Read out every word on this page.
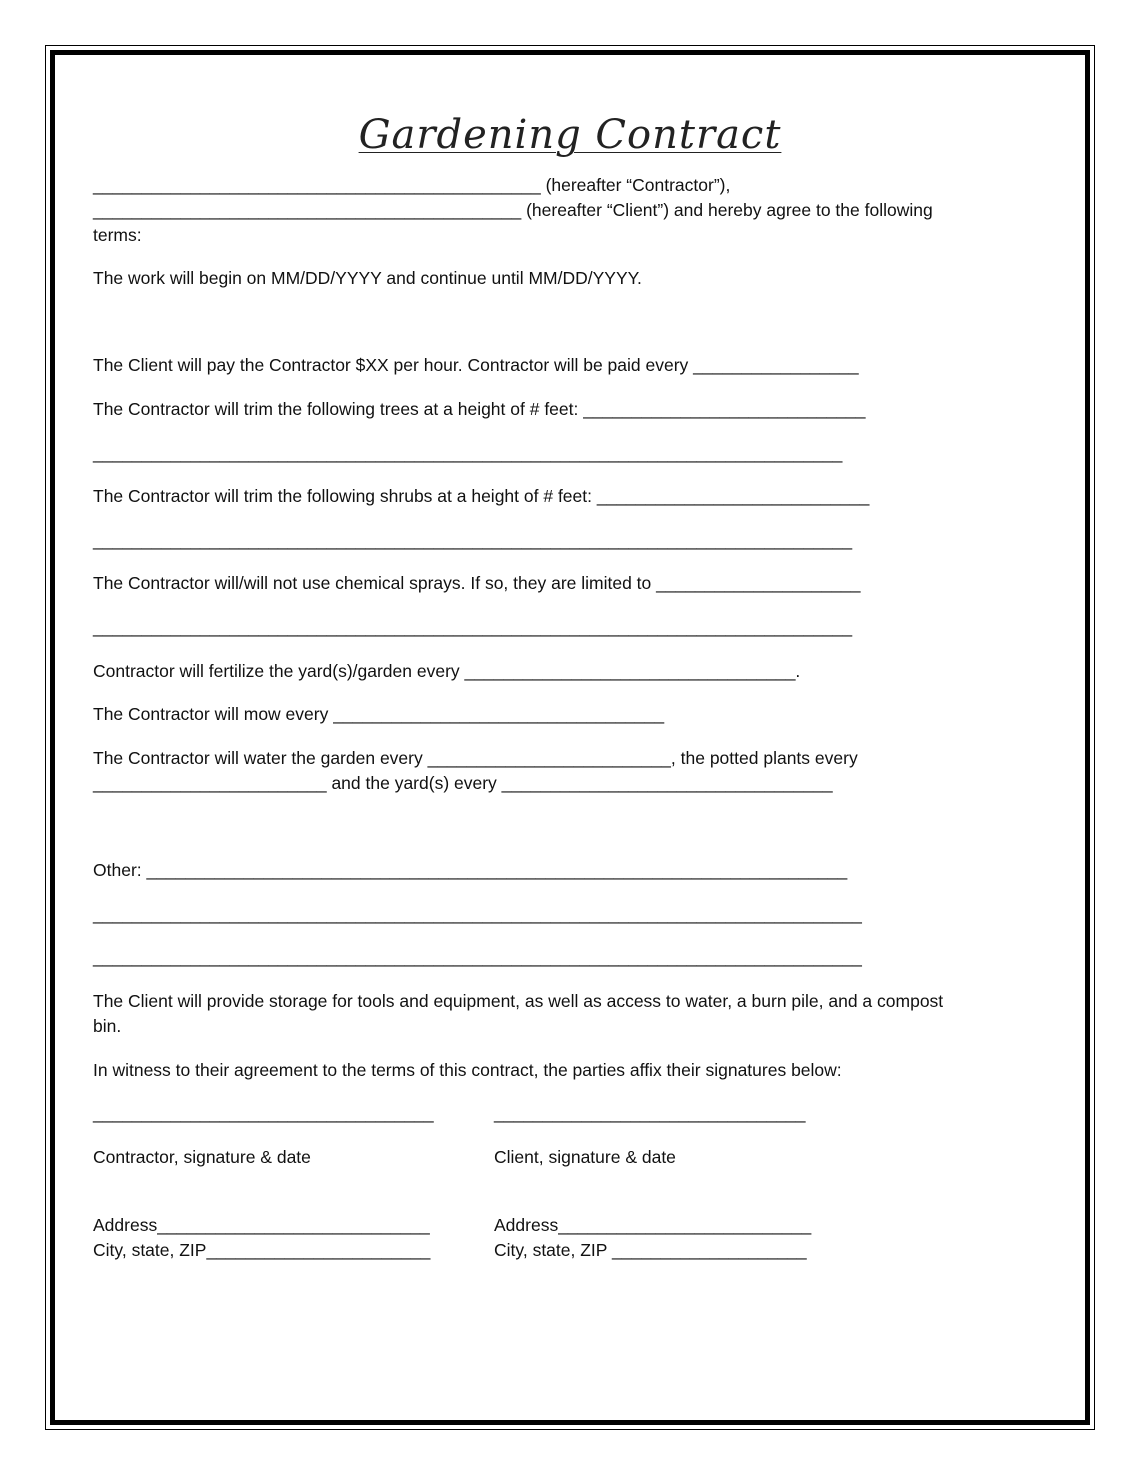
Gardening Contract
______________________________________________ (hereafter “Contractor”),
____________________________________________ (hereafter “Client”) and hereby agree to the following
terms:
The work will begin on MM/DD/YYYY and continue until MM/DD/YYYY.
The Client will pay the Contractor $XX per hour. Contractor will be paid every _________________
The Contractor will trim the following trees at a height of # feet: _____________________________
_____________________________________________________________________________
The Contractor will trim the following shrubs at a height of # feet: ____________________________
______________________________________________________________________________
The Contractor will/will not use chemical sprays. If so, they are limited to _____________________
______________________________________________________________________________
Contractor will fertilize the yard(s)/garden every __________________________________.
The Contractor will mow every __________________________________
The Contractor will water the garden every _________________________, the potted plants every
________________________ and the yard(s) every __________________________________
Other: ________________________________________________________________________
_______________________________________________________________________________
_______________________________________________________________________________
The Client will provide storage for tools and equipment, as well as access to water, a burn pile, and a compost
bin.
In witness to their agreement to the terms of this contract, the parties affix their signatures below:
___________________________________	________________________________
Contractor, signature & date	Client, signature & date
Address____________________________	Address__________________________
City, state, ZIP_______________________	City, state, ZIP ____________________
